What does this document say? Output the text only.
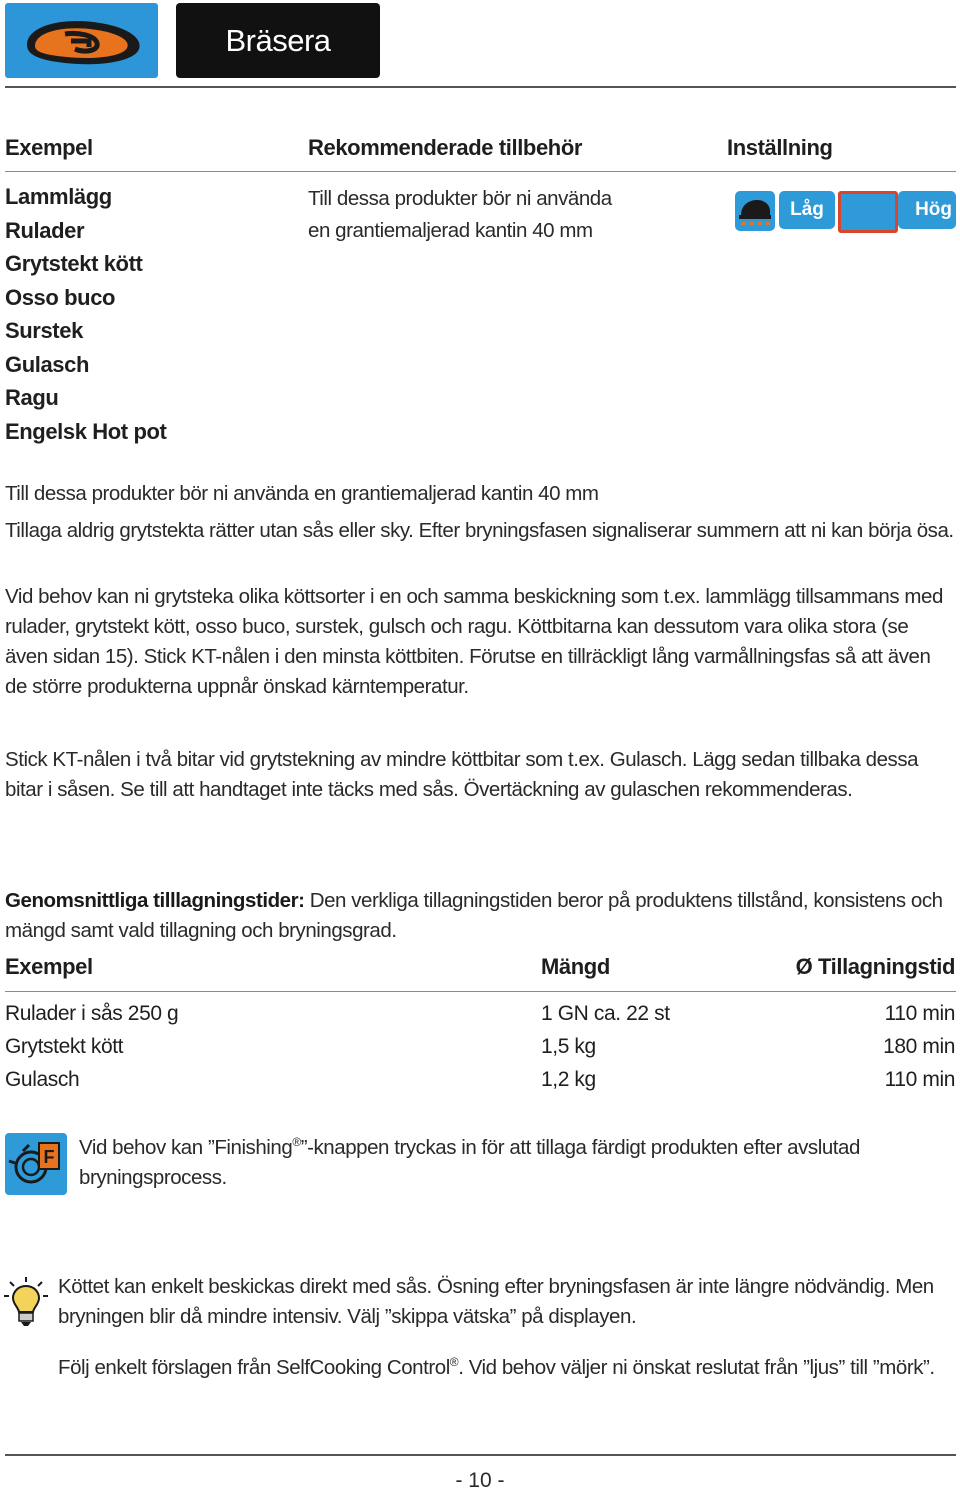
Bräsera
Exempel	Rekommenderade tillbehör	Inställning
Lammlägg
Rulader
Grytstekt kött
Osso buco
Surstek
Gulasch
Ragu
Engelsk Hot pot
Till dessa produkter bör ni använda
en grantiemaljerad kantin 40 mm
Låg	Hög
Till dessa produkter bör ni använda en grantiemaljerad kantin 40 mm
Tillaga aldrig grytstekta rätter utan sås eller sky. Efter bryningsfasen signaliserar summern att ni kan börja ösa.
Vid behov kan ni grytsteka olika köttsorter i en och samma beskickning som t.ex. lammlägg tillsammans med rulader, grytstekt kött, osso buco, surstek, gulsch och ragu. Köttbitarna kan dessutom vara olika stora (se även sidan 15). Stick KT-nålen i den minsta köttbiten. Förutse en tillräckligt lång varmållningsfas så att även de större produkterna uppnår önskad kärntemperatur.
Stick KT-nålen i två bitar vid grytstekning av mindre köttbitar som t.ex. Gulasch. Lägg sedan tillbaka dessa bitar i såsen. Se till att handtaget inte täcks med sås. Övertäckning av gulaschen rekommenderas.
Genomsnittliga tilllagningstider: Den verkliga tillagningstiden beror på produktens tillstånd, konsistens och mängd samt vald tillagning och bryningsgrad.
Exempel	Mängd	Ø Tillagningstid
Rulader i sås 250 g	1 GN ca. 22 st	110 min
Grytstekt kött	1,5 kg	180 min
Gulasch	1,2 kg	110 min
F Vid behov kan ”Finishing®”-knappen tryckas in för att tillaga färdigt produkten efter avslutad bryningsprocess.
Köttet kan enkelt beskickas direkt med sås. Ösning efter bryningsfasen är inte längre nödvändig. Men bryningen blir då mindre intensiv. Välj ”skippa vätska” på displayen.
Följ enkelt förslagen från SelfCooking Control®. Vid behov väljer ni önskat reslutat från ”ljus” till ”mörk”.
- 10 -
